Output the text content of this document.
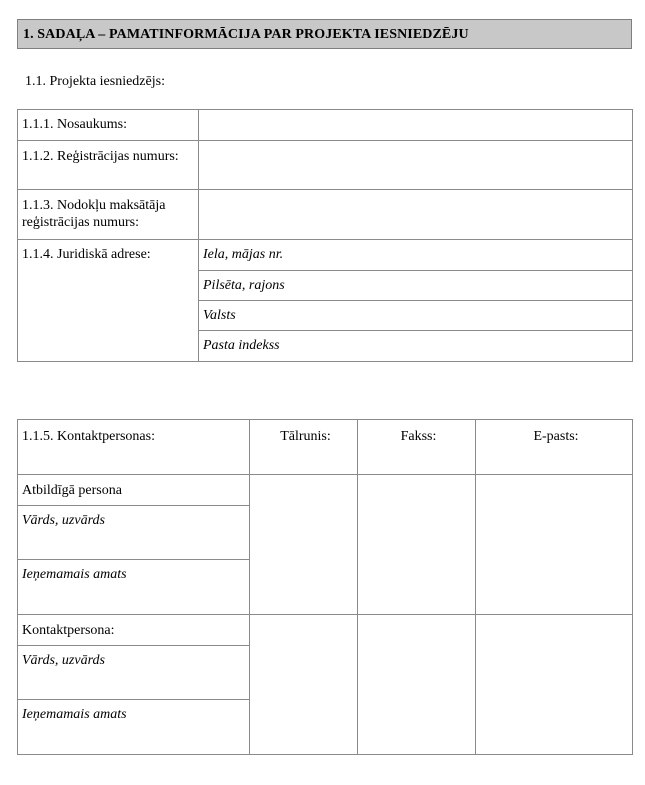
1. SADAĻA – PAMATINFORMĀCIJA PAR PROJEKTA IESNIEDZĒJU
1.1. Projekta iesniedzējs:
1.1.1. Nosaukums:	

1.1.2. Reģistrācijas numurs:	

1.1.3. Nodokļu maksātāja reģistrācijas numurs:	

1.1.4. Juridiskā adrese:	Iela, mājas nr.

	Pilsēta, rajons

	Valsts

	Pasta indekss
1.1.5. Kontaktpersonas:	Tālrunis:	Fakss:	E-pasts:

Atbildīgā persona			

Vārds, uzvārds			

Ieņemamais amats			

Kontaktpersona:			

Vārds, uzvārds			

Ieņemamais amats			
